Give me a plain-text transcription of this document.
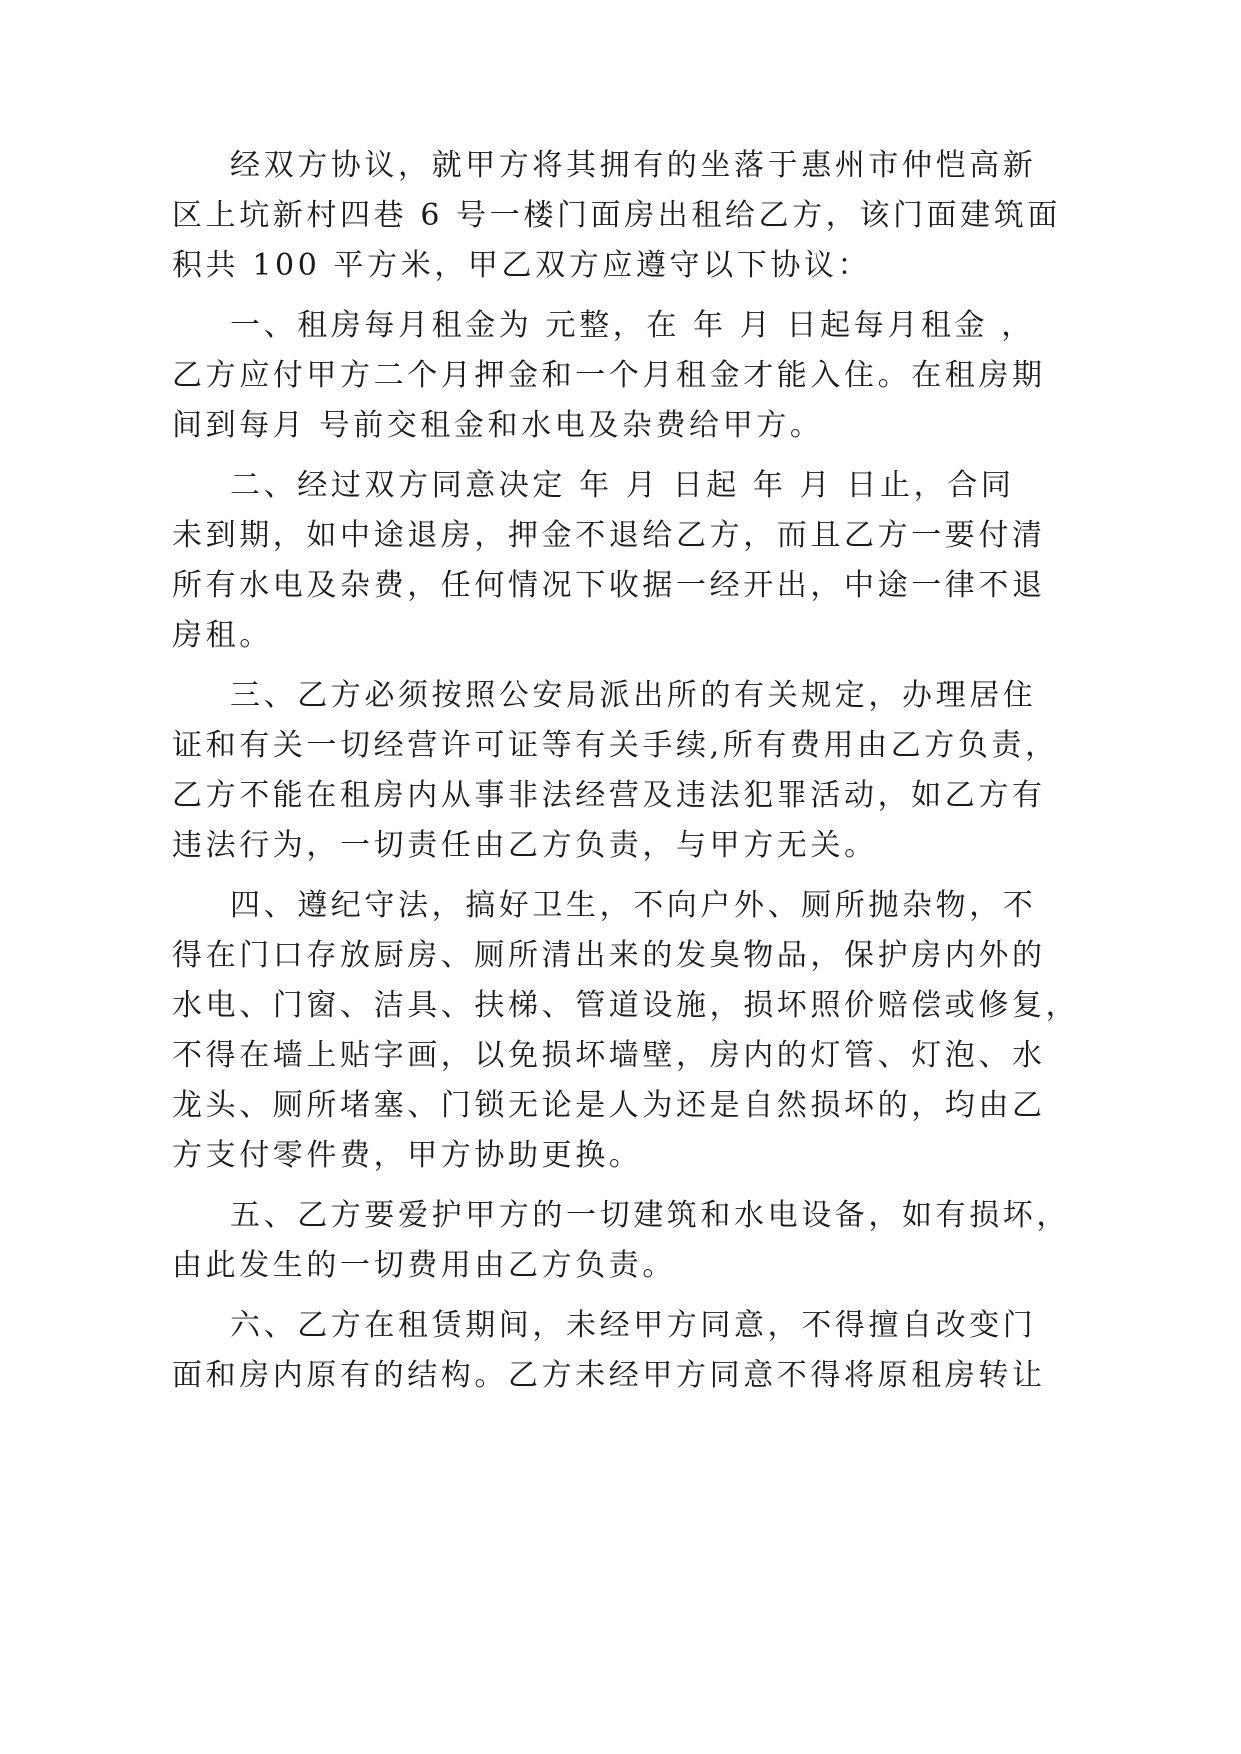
经双方协议，就甲方将其拥有的坐落于惠州市仲恺高新
区上坑新村四巷 6 号一楼门面房出租给乙方，该门面建筑面
积共 100 平方米，甲乙双方应遵守以下协议：
一、租房每月租金为 元整，在 年 月 日起每月租金 ，
乙方应付甲方二个月押金和一个月租金才能入住。在租房期
间到每月 号前交租金和水电及杂费给甲方。
二、经过双方同意决定 年 月 日起 年 月 日止，合同
未到期，如中途退房，押金不退给乙方，而且乙方一要付清
所有水电及杂费，任何情况下收据一经开出，中途一律不退
房租。
三、乙方必须按照公安局派出所的有关规定，办理居住
证和有关一切经营许可证等有关手续,所有费用由乙方负责，
乙方不能在租房内从事非法经营及违法犯罪活动，如乙方有
违法行为，一切责任由乙方负责，与甲方无关。
四、遵纪守法，搞好卫生，不向户外、厕所抛杂物，不
得在门口存放厨房、厕所清出来的发臭物品，保护房内外的
水电、门窗、洁具、扶梯、管道设施，损坏照价赔偿或修复，
不得在墙上贴字画，以免损坏墙壁，房内的灯管、灯泡、水
龙头、厕所堵塞、门锁无论是人为还是自然损坏的，均由乙
方支付零件费，甲方协助更换。
五、乙方要爱护甲方的一切建筑和水电设备，如有损坏，
由此发生的一切费用由乙方负责。
六、乙方在租赁期间，未经甲方同意，不得擅自改变门
面和房内原有的结构。乙方未经甲方同意不得将原租房转让
